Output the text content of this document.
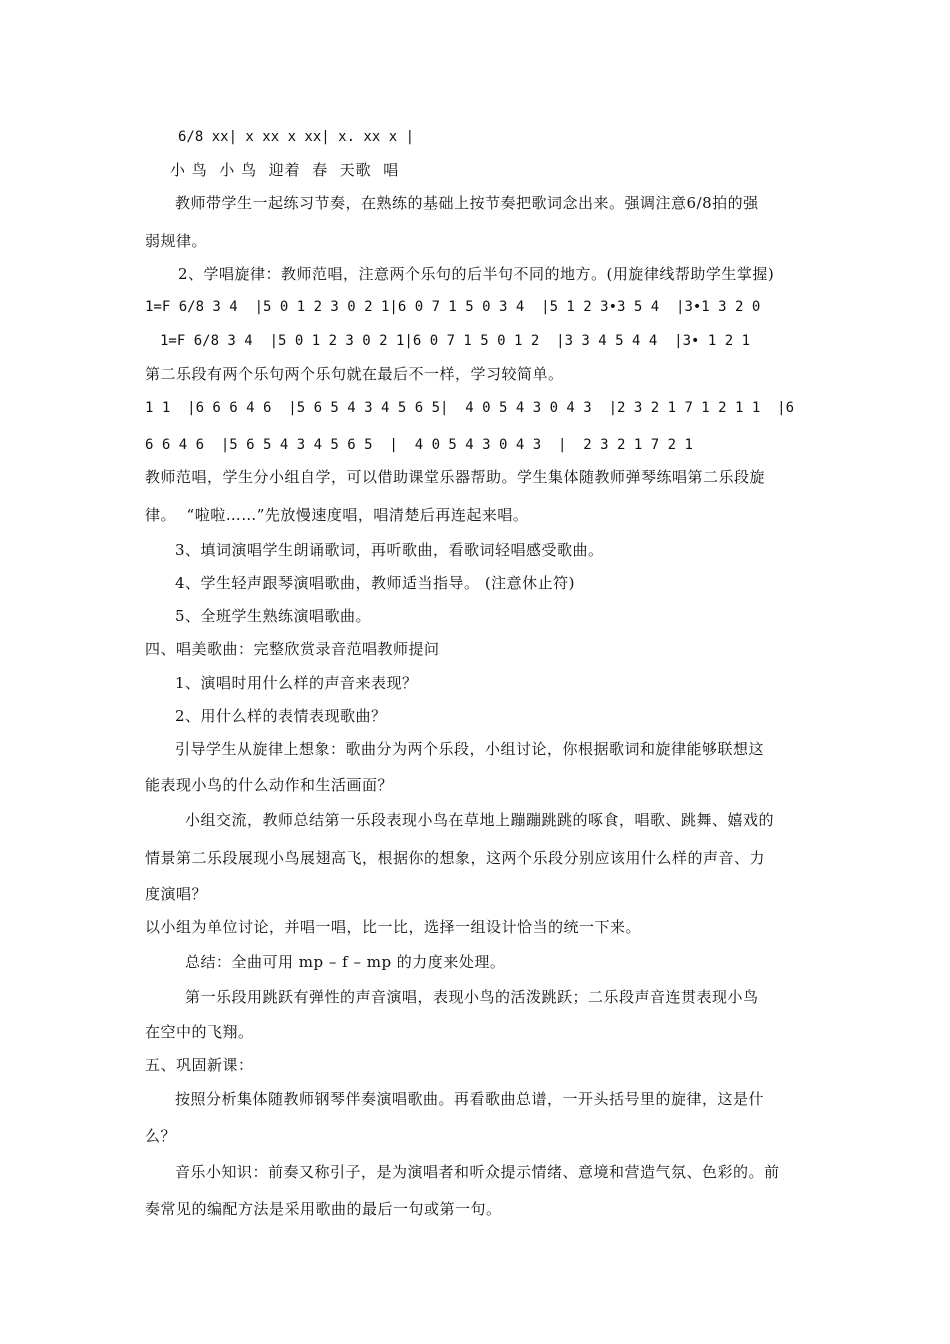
6/8 xx| x xx x xx| x. xx x |
小 鸟  小 鸟  迎着  春  天歌  唱
教师带学生一起练习节奏，在熟练的基础上按节奏把歌词念出来。强调注意6/8拍的强
弱规律。
2、学唱旋律：教师范唱，注意两个乐句的后半句不同的地方。(用旋律线帮助学生掌握)
1=F 6/8 3 4  |5 0 1 2 3 0 2 1|6 0 7 1 5 0 3 4  |5 1 2 3•3 5 4  |3•1 3 2 0
1=F 6/8 3 4  |5 0 1 2 3 0 2 1|6 0 7 1 5 0 1 2  |3 3 4 5 4 4  |3• 1 2 1
第二乐段有两个乐句两个乐句就在最后不一样，学习较简单。
1 1  |6 6 6 4 6  |5 6 5 4 3 4 5 6 5|  4 0 5 4 3 0 4 3  |2 3 2 1 7 1 2 1 1  |6
6 6 4 6  |5 6 5 4 3 4 5 6 5  |  4 0 5 4 3 0 4 3  |  2 3 2 1 7 2 1
教师范唱，学生分小组自学，可以借助课堂乐器帮助。学生集体随教师弹琴练唱第二乐段旋
律。  “啦啦……”先放慢速度唱，唱清楚后再连起来唱。
3、填词演唱学生朗诵歌词，再听歌曲，看歌词轻唱感受歌曲。
4、学生轻声跟琴演唱歌曲，教师适当指导。 (注意休止符)
5、全班学生熟练演唱歌曲。
四、唱美歌曲：完整欣赏录音范唱教师提问
1、演唱时用什么样的声音来表现？
2、用什么样的表情表现歌曲？
引导学生从旋律上想象：歌曲分为两个乐段，小组讨论，你根据歌词和旋律能够联想这
能表现小鸟的什么动作和生活画面？
小组交流，教师总结第一乐段表现小鸟在草地上蹦蹦跳跳的啄食，唱歌、跳舞、嬉戏的
情景第二乐段展现小鸟展翅高飞，根据你的想象，这两个乐段分别应该用什么样的声音、力
度演唱？
以小组为单位讨论，并唱一唱，比一比，选择一组设计恰当的统一下来。
总结：全曲可用 mp – f – mp 的力度来处理。
第一乐段用跳跃有弹性的声音演唱，表现小鸟的活泼跳跃；二乐段声音连贯表现小鸟
在空中的飞翔。
五、巩固新课：
按照分析集体随教师钢琴伴奏演唱歌曲。再看歌曲总谱，一开头括号里的旋律，这是什
么？
音乐小知识：前奏又称引子，是为演唱者和听众提示情绪、意境和营造气氛、色彩的。前
奏常见的编配方法是采用歌曲的最后一句或第一句。
